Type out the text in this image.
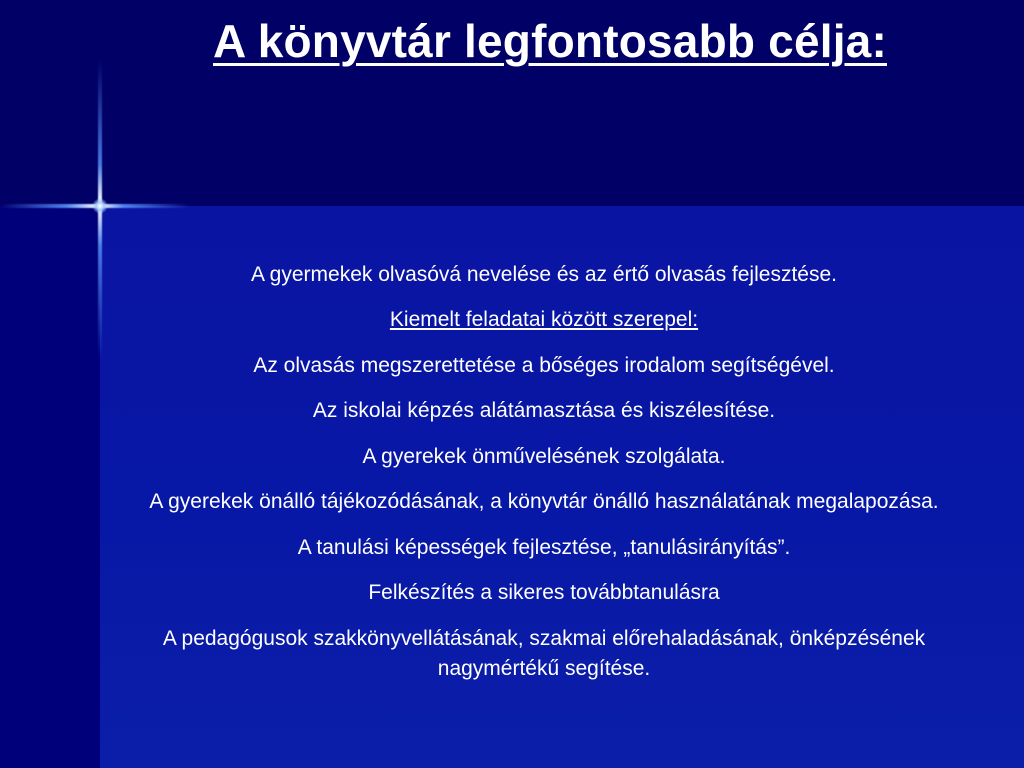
A könyvtár legfontosabb célja:

A gyermekek olvasóvá nevelése és az értő olvasás fejlesztése.

Kiemelt feladatai között szerepel:

Az olvasás megszerettetése a bőséges irodalom segítségével.

Az iskolai képzés alátámasztása és kiszélesítése.

A gyerekek önművelésének szolgálata.

A gyerekek önálló tájékozódásának, a könyvtár önálló használatának megalapozása.

A tanulási képességek fejlesztése, „tanulásirányítás”.

Felkészítés a sikeres továbbtanulásra

A pedagógusok szakkönyvellátásának, szakmai előrehaladásának, önképzésének nagymértékű segítése.
